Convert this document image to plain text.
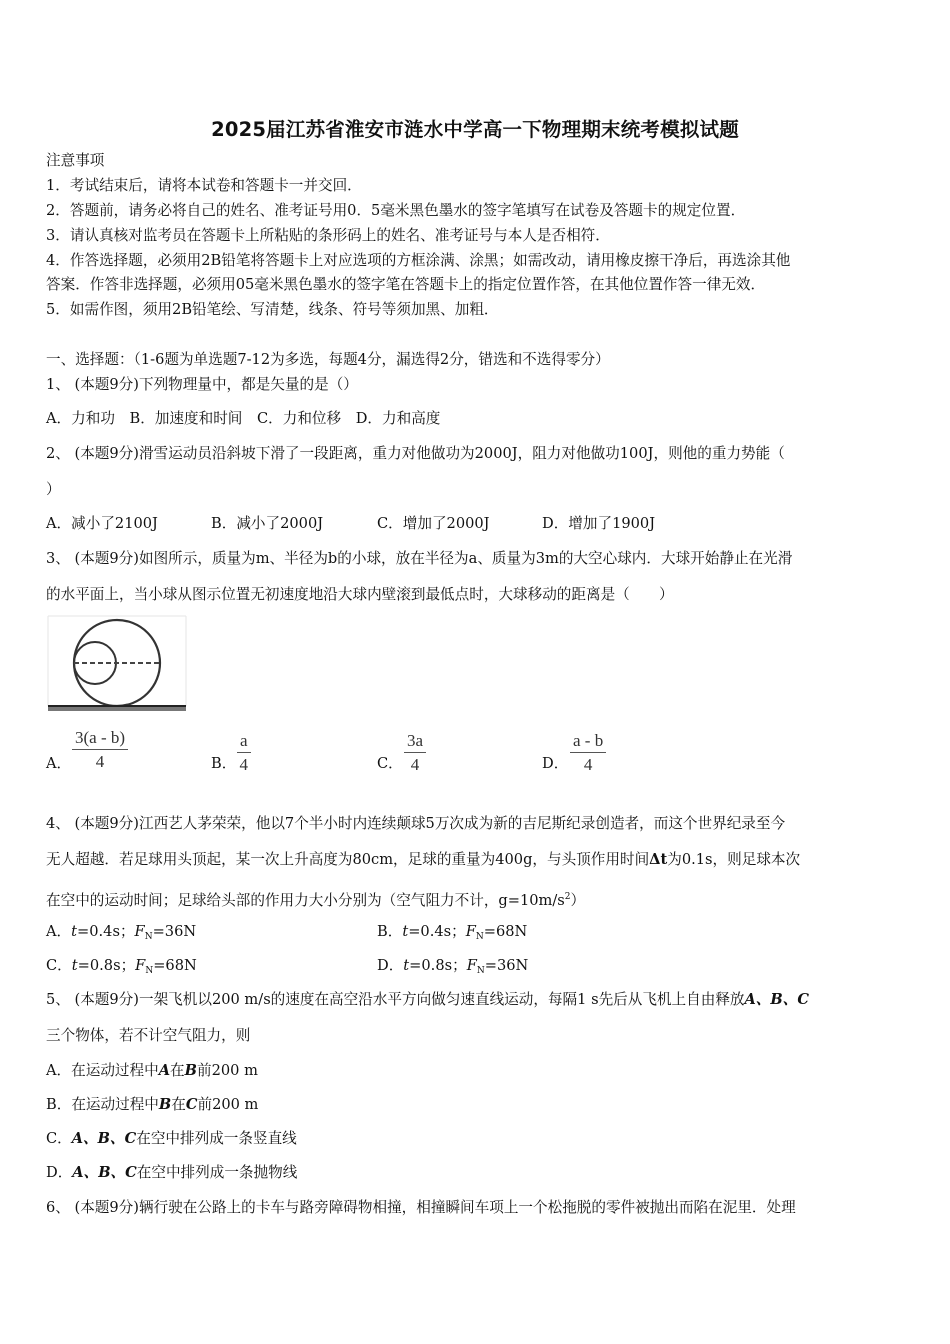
2025届江苏省淮安市涟水中学高一下物理期末统考模拟试题
注意事项
1．考试结束后，请将本试卷和答题卡一并交回．
2．答题前，请务必将自己的姓名、准考证号用0．5毫米黑色墨水的签字笔填写在试卷及答题卡的规定位置．
3．请认真核对监考员在答题卡上所粘贴的条形码上的姓名、准考证号与本人是否相符．
4．作答选择题，必须用2B铅笔将答题卡上对应选项的方框涂满、涂黑；如需改动，请用橡皮擦干净后，再选涂其他
答案．作答非选择题，必须用05毫米黑色墨水的签字笔在答题卡上的指定位置作答，在其他位置作答一律无效．
5．如需作图，须用2B铅笔绘、写清楚，线条、符号等须加黑、加粗．
一、选择题：（1-6题为单选题7-12为多选，每题4分，漏选得2分，错选和不选得零分）
1、 (本题9分)下列物理量中，都是矢量的是（）
A．力和功　B．加速度和时间　C．力和位移　D．力和高度
2、 (本题9分)滑雪运动员沿斜坡下滑了一段距离，重力对他做功为2000J，阻力对他做功100J，则他的重力势能（
）
A．减小了2100J	B．减小了2000J	C．增加了2000J	D．增加了1900J
3、 (本题9分)如图所示，质量为m、半径为b的小球，放在半径为a、质量为3m的大空心球内．大球开始静止在光滑
的水平面上，当小球从图示位置无初速度地沿大球内壁滚到最低点时，大球移动的距离是（　　）
A．
3(a - b)
4	B．
a
4	C．
3a
4	D．
a - b
4
4、 (本题9分)江西艺人茅荣荣，他以7个半小时内连续颠球5万次成为新的吉尼斯纪录创造者，而这个世界纪录至今
无人超越．若足球用头顶起，某一次上升高度为80cm，足球的重量为400g，与头顶作用时间Δt为0.1s，则足球本次
在空中的运动时间；足球给头部的作用力大小分别为（空气阻力不计，$g=10m/s^2$）
A．t=0.4s；$F_N=36N$	B．t=0.4s；$F_N=68N$
C．t=0.8s；$F_N=68N$	D．t=0.8s；$F_N=36N$
5、 (本题9分)一架飞机以200 m/s的速度在高空沿水平方向做匀速直线运动，每隔1 s先后从飞机上自由释放A、B、C
三个物体，若不计空气阻力，则
A．在运动过程中A在B前200 m
B．在运动过程中B在C前200 m
C．A、B、C在空中排列成一条竖直线
D．A、B、C在空中排列成一条抛物线
6、 (本题9分)辆行驶在公路上的卡车与路旁障碍物相撞，相撞瞬间车项上一个松拖脱的零件被抛出而陷在泥里．处理
